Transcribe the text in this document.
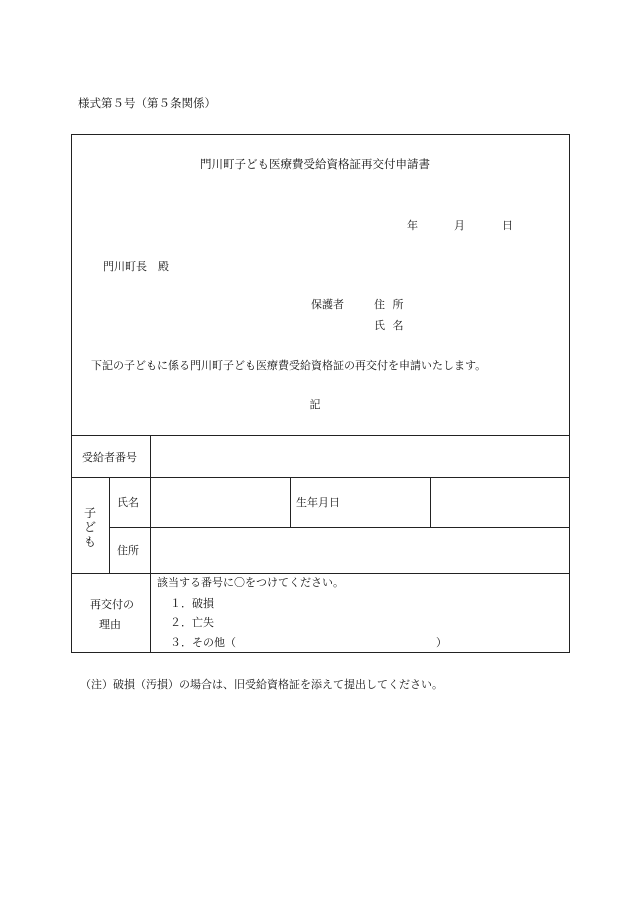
様式第５号（第５条関係）
門川町子ども医療費受給資格証再交付申請書
年	月	日
門川町長　殿
保護者	住 所
氏 名
下記の子どもに係る門川町子ども医療費受給資格証の再交付を申請いたします。
記
受給者番号
子ども
氏名	生年月日
住所
再交付の
理由
該当する番号に〇をつけてください。
１．破損
２．亡失
３．その他（	）
（注）破損（汚損）の場合は、旧受給資格証を添えて提出してください。
